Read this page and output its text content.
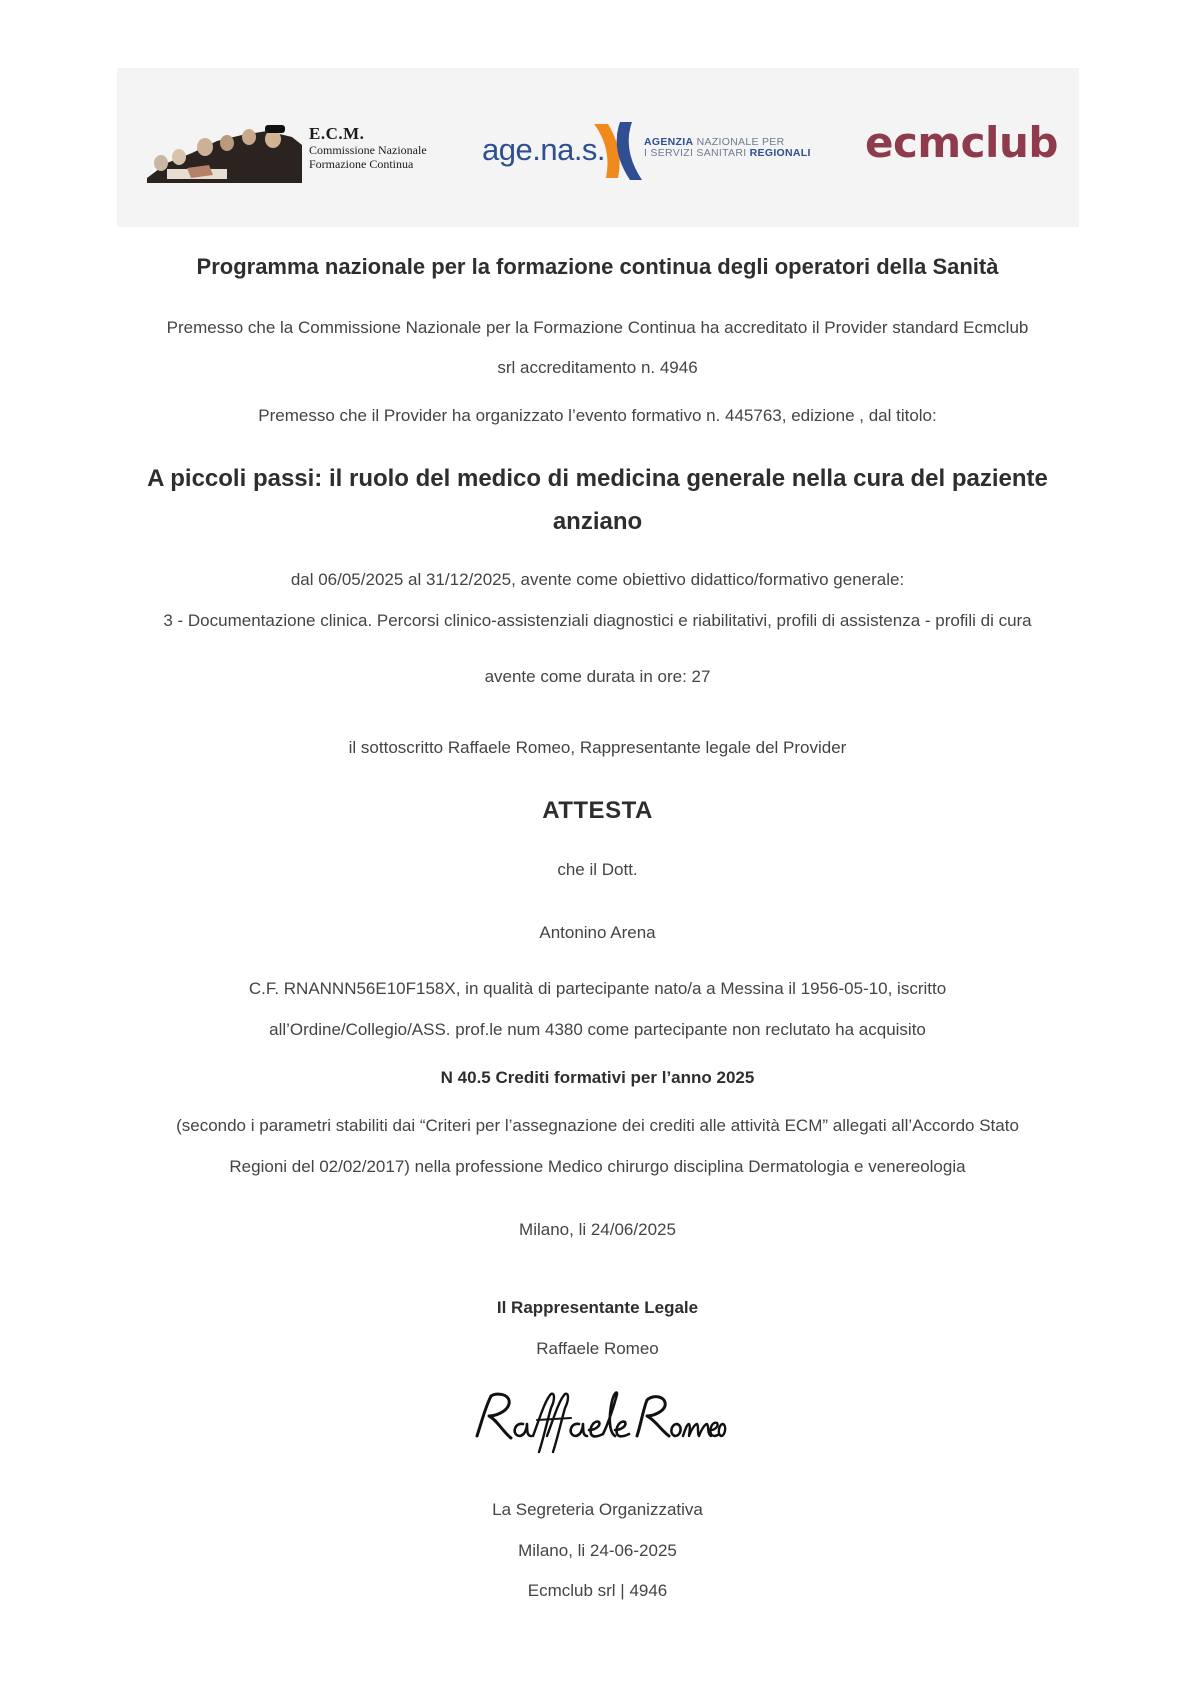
E.C.M.
Commissione Nazionale
Formazione Continua	age.na.s.	AGENZIA NAZIONALE PER
I SERVIZI SANITARI REGIONALI ecmclub
Programma nazionale per la formazione continua degli operatori della Sanità
Premesso che la Commissione Nazionale per la Formazione Continua ha accreditato il Provider standard Ecmclub
srl accreditamento n. 4946
Premesso che il Provider ha organizzato l’evento formativo n. 445763, edizione , dal titolo:
A piccoli passi: il ruolo del medico di medicina generale nella cura del paziente
anziano
dal 06/05/2025 al 31/12/2025, avente come obiettivo didattico/formativo generale:
3 - Documentazione clinica. Percorsi clinico-assistenziali diagnostici e riabilitativi, profili di assistenza - profili di cura
avente come durata in ore: 27
il sottoscritto Raffaele Romeo, Rappresentante legale del Provider
ATTESTA
che il Dott.
Antonino Arena
C.F. RNANNN56E10F158X, in qualità di partecipante nato/a a Messina il 1956-05-10, iscritto
all’Ordine/Collegio/ASS. prof.le num 4380 come partecipante non reclutato ha acquisito
N 40.5 Crediti formativi per l’anno 2025
(secondo i parametri stabiliti dai “Criteri per l’assegnazione dei crediti alle attività ECM” allegati all’Accordo Stato
Regioni del 02/02/2017) nella professione Medico chirurgo disciplina Dermatologia e venereologia
Milano, li 24/06/2025
Il Rappresentante Legale
Raffaele Romeo
La Segreteria Organizzativa
Milano, li 24-06-2025
Ecmclub srl | 4946
